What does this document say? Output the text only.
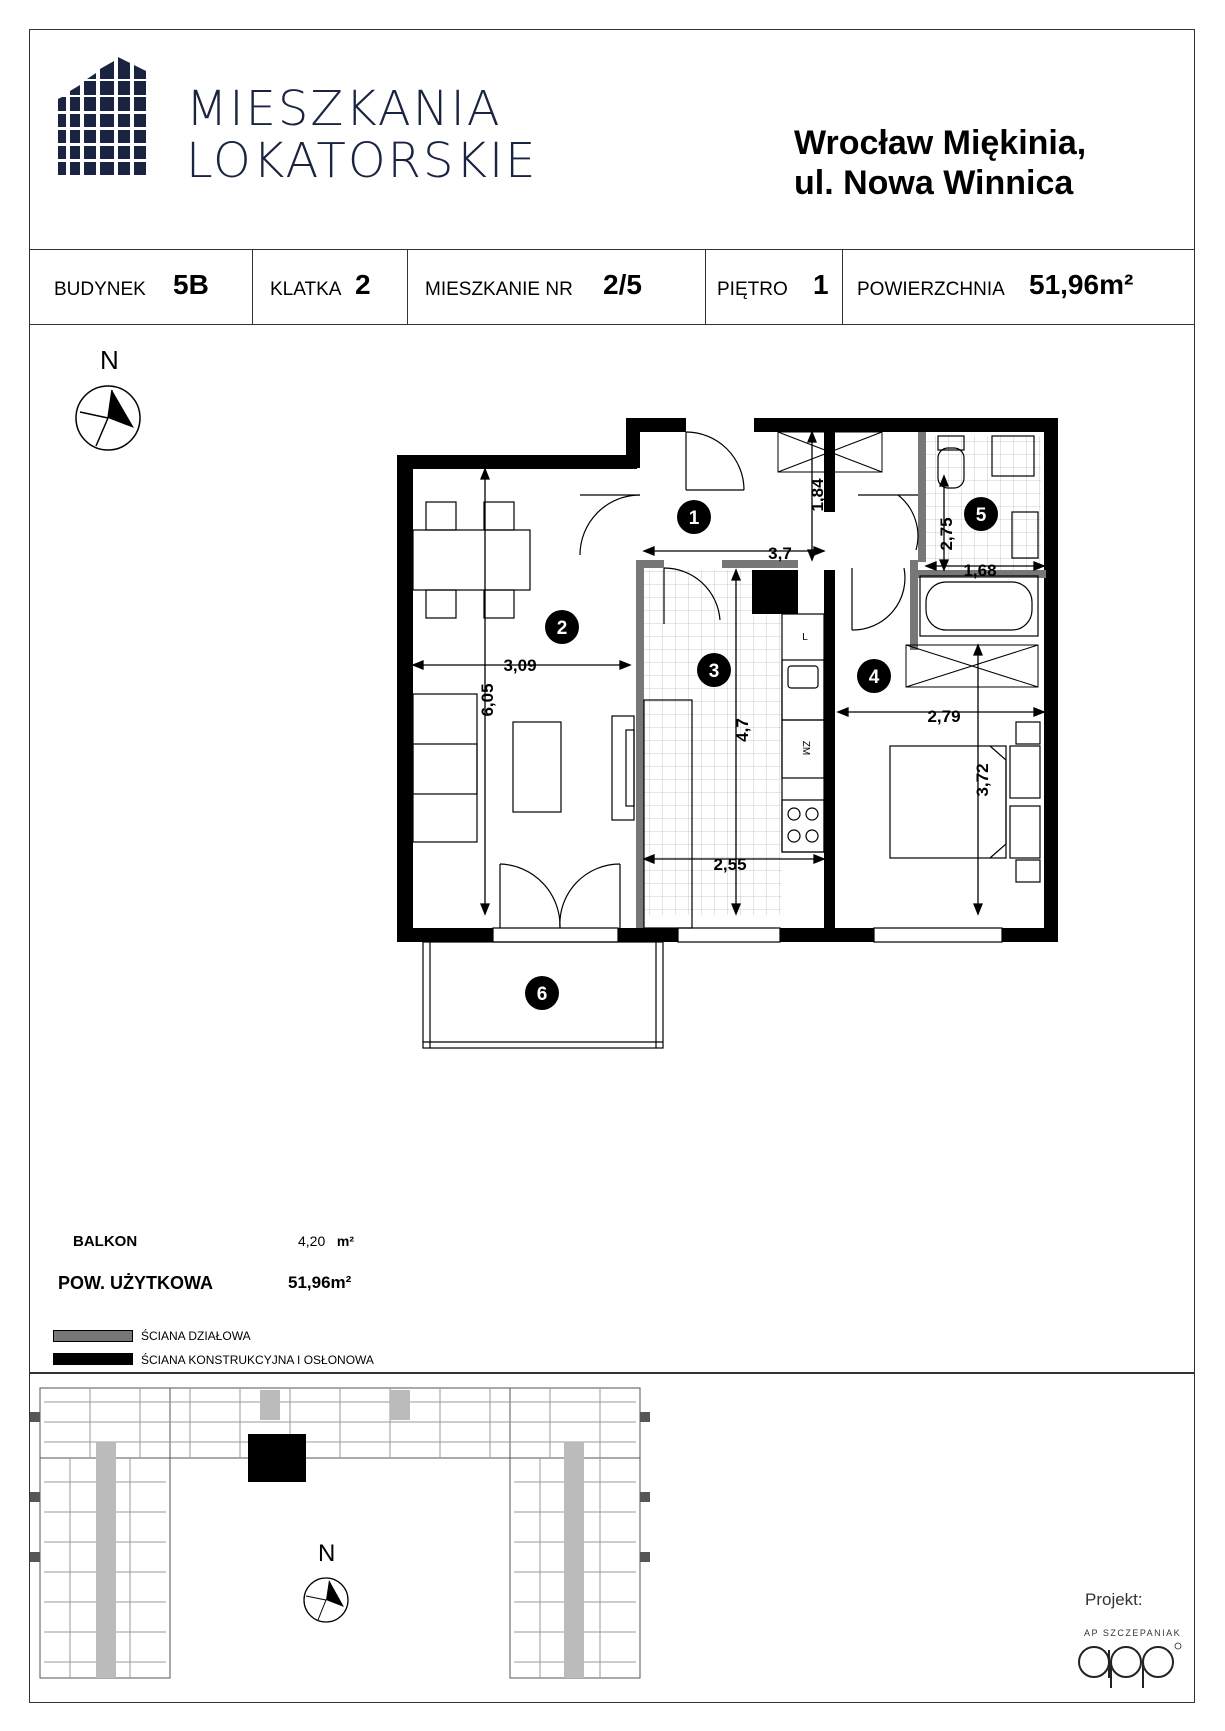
MIESZKANIA
LOKATORSKIE	Wrocław Miękinia,
ul. Nowa Winnica
BUDYNEK 5B	KLATKA 2	MIESZKANIE NR 2/5	PIĘTRO 1 POWIERZCHNIA 51,96m²
N
L
ZM
3,7
1,84
3,09
6,05
4,7
2,55
2,79
3,72
2,75
1,68
1
2
3	4
5
6
BALKON	4,20 m²
POW. UŻYTKOWA	51,96m²
ŚCIANA DZIAŁOWA
ŚCIANA KONSTRUKCYJNA I OSŁONOWA
N
Projekt:
AP SZCZEPANIAK
